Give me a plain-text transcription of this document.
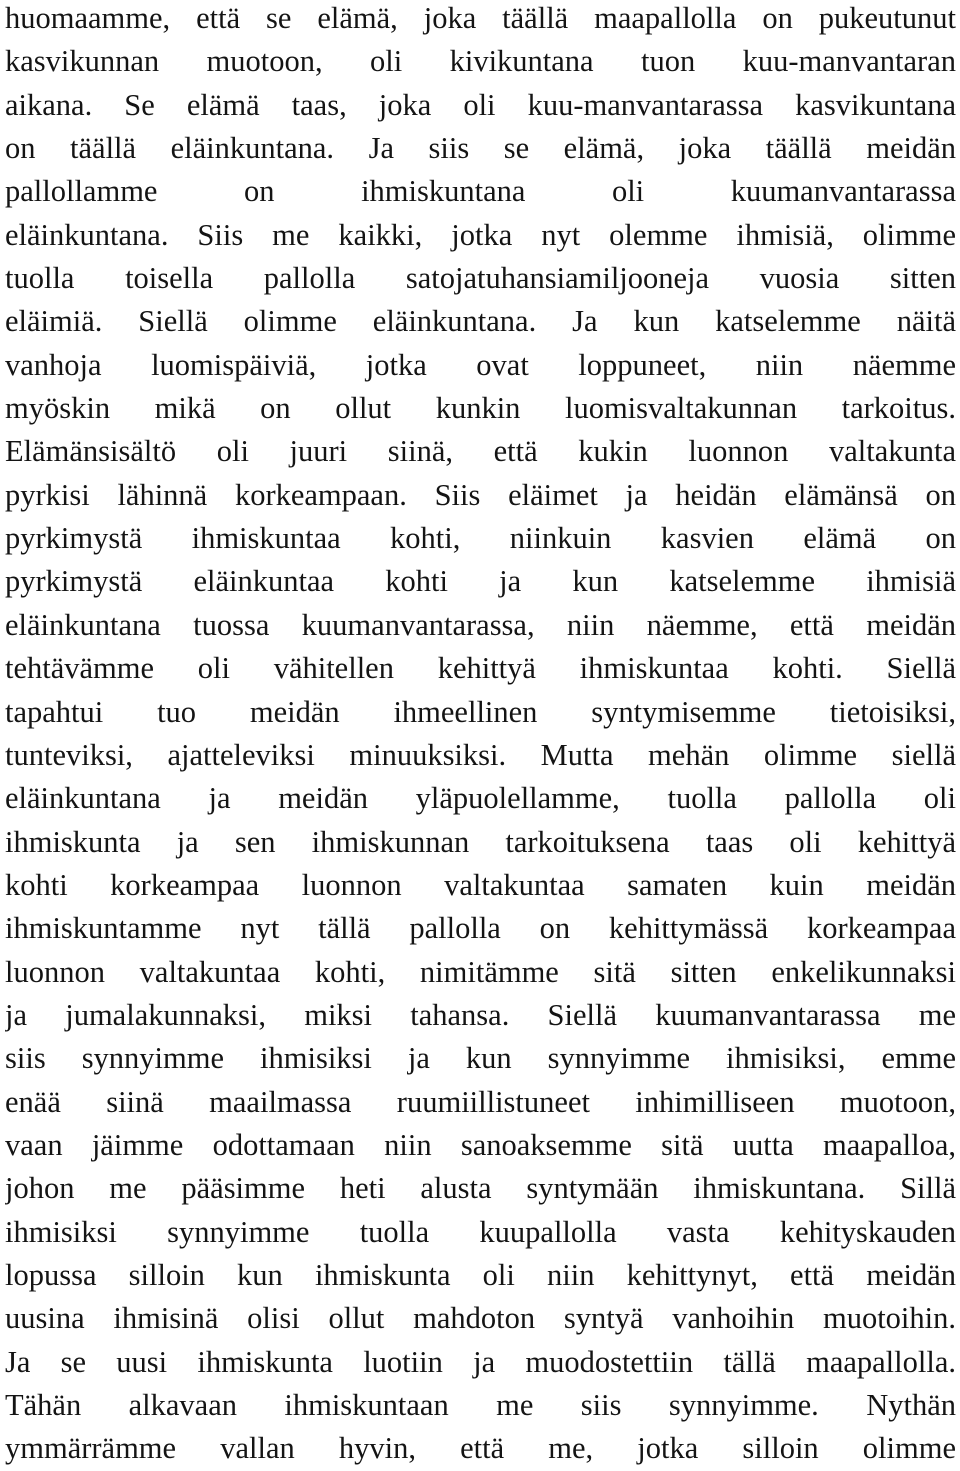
huomaamme, että se elämä, joka täällä maapallolla on pukeutunut
kasvikunnan muotoon, oli kivikuntana tuon kuu-manvantaran
aikana. Se elämä taas, joka oli kuu-manvantarassa kasvikuntana
on täällä eläinkuntana. Ja siis se elämä, joka täällä meidän
pallollamme on ihmiskuntana oli kuumanvantarassa
eläinkuntana. Siis me kaikki, jotka nyt olemme ihmisiä, olimme
tuolla toisella pallolla satojatuhansiamiljooneja vuosia sitten
eläimiä. Siellä olimme eläinkuntana. Ja kun katselemme näitä
vanhoja luomispäiviä, jotka ovat loppuneet, niin näemme
myöskin mikä on ollut kunkin luomisvaltakunnan tarkoitus.
Elämänsisältö oli juuri siinä, että kukin luonnon valtakunta
pyrkisi lähinnä korkeampaan. Siis eläimet ja heidän elämänsä on
pyrkimystä ihmiskuntaa kohti, niinkuin kasvien elämä on
pyrkimystä eläinkuntaa kohti ja kun katselemme ihmisiä
eläinkuntana tuossa kuumanvantarassa, niin näemme, että meidän
tehtävämme oli vähitellen kehittyä ihmiskuntaa kohti. Siellä
tapahtui tuo meidän ihmeellinen syntymisemme tietoisiksi,
tunteviksi, ajatteleviksi minuuksiksi. Mutta mehän olimme siellä
eläinkuntana ja meidän yläpuolellamme, tuolla pallolla oli
ihmiskunta ja sen ihmiskunnan tarkoituksena taas oli kehittyä
kohti korkeampaa luonnon valtakuntaa samaten kuin meidän
ihmiskuntamme nyt tällä pallolla on kehittymässä korkeampaa
luonnon valtakuntaa kohti, nimitämme sitä sitten enkelikunnaksi
ja jumalakunnaksi, miksi tahansa. Siellä kuumanvantarassa me
siis synnyimme ihmisiksi ja kun synnyimme ihmisiksi, emme
enää siinä maailmassa ruumiillistuneet inhimilliseen muotoon,
vaan jäimme odottamaan niin sanoaksemme sitä uutta maapalloa,
johon me pääsimme heti alusta syntymään ihmiskuntana. Sillä
ihmisiksi synnyimme tuolla kuupallolla vasta kehityskauden
lopussa silloin kun ihmiskunta oli niin kehittynyt, että meidän
uusina ihmisinä olisi ollut mahdoton syntyä vanhoihin muotoihin.
Ja se uusi ihmiskunta luotiin ja muodostettiin tällä maapallolla.
Tähän alkavaan ihmiskuntaan me siis synnyimme. Nythän
ymmärrämme vallan hyvin, että me, jotka silloin olimme
